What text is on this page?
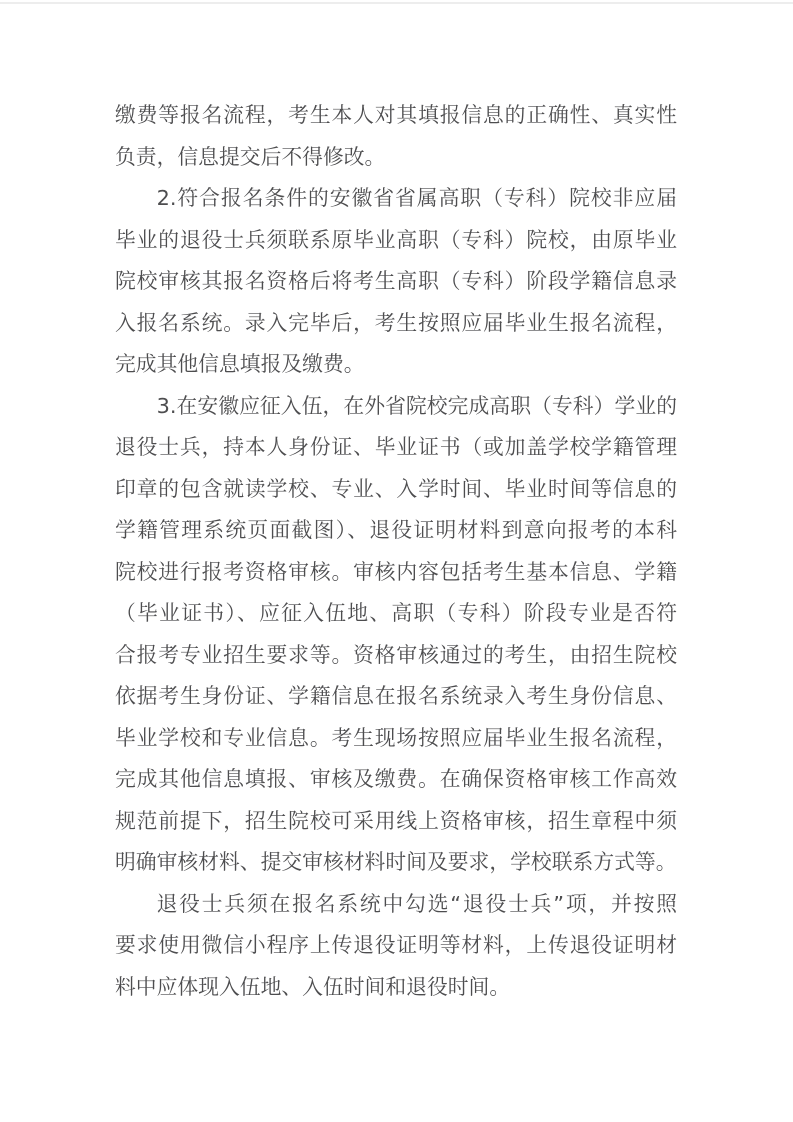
缴费等报名流程，考生本人对其填报信息的正确性、真实性
负责，信息提交后不得修改。
2.符合报名条件的安徽省省属高职（专科）院校非应届
毕业的退役士兵须联系原毕业高职（专科）院校，由原毕业
院校审核其报名资格后将考生高职（专科）阶段学籍信息录
入报名系统。录入完毕后，考生按照应届毕业生报名流程，
完成其他信息填报及缴费。
3.在安徽应征入伍，在外省院校完成高职（专科）学业的
退役士兵，持本人身份证、毕业证书（或加盖学校学籍管理
印章的包含就读学校、专业、入学时间、毕业时间等信息的
学籍管理系统页面截图）、退役证明材料到意向报考的本科
院校进行报考资格审核。审核内容包括考生基本信息、学籍
（毕业证书）、应征入伍地、高职（专科）阶段专业是否符
合报考专业招生要求等。资格审核通过的考生，由招生院校
依据考生身份证、学籍信息在报名系统录入考生身份信息、
毕业学校和专业信息。考生现场按照应届毕业生报名流程，
完成其他信息填报、审核及缴费。在确保资格审核工作高效
规范前提下，招生院校可采用线上资格审核，招生章程中须
明确审核材料、提交审核材料时间及要求，学校联系方式等。
退役士兵须在报名系统中勾选“退役士兵”项，并按照
要求使用微信小程序上传退役证明等材料，上传退役证明材
料中应体现入伍地、入伍时间和退役时间。
